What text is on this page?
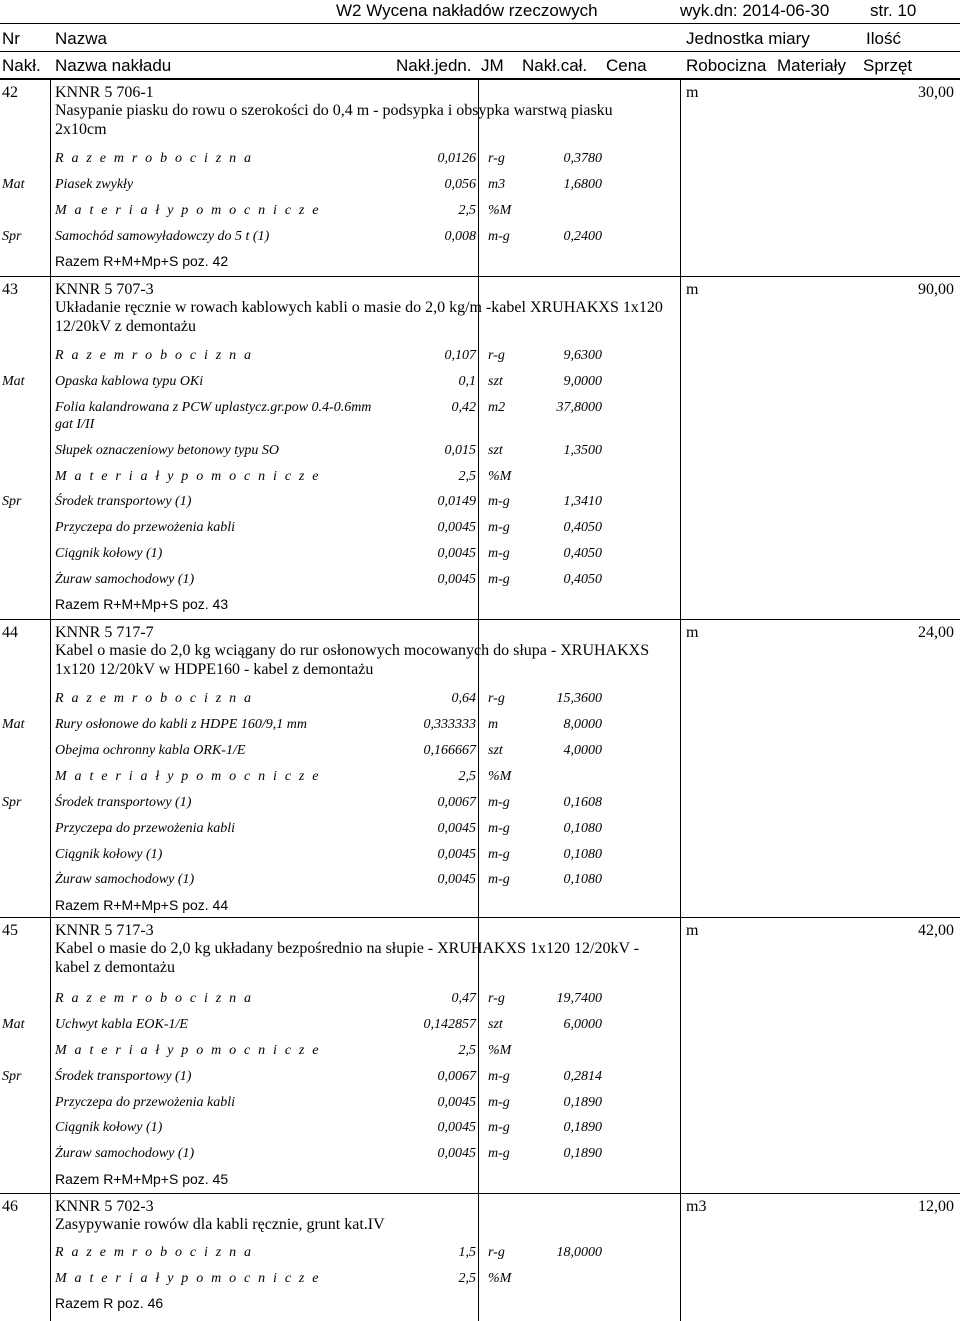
W2 Wycena nakładów rzeczowych	wyk.dn: 2014-06-30 str. 10
Nr Nazwa	Jednostka miary	Ilość
Nakł. Nazwa nakładu	Nakł.jedn. JM Nakł.cał. Cena Robocizna Materiały Sprzęt
42 KNNR 5 706-1
Nasypanie piasku do rowu o szerokości do 0,4 m - podsypka i obsypka warstwą piasku
2x10cm
m	30,00
R a z e m r o b o c i z n a	0,0126 r-g	0,3780
Mat Piasek zwykły	0,056 m3	1,6800
M a t e r i a ł y p o m o c n i c z e	2,5 %M
Spr Samochód samowyładowczy do 5 t (1)	0,008 m-g	0,2400
Razem R+M+Mp+S poz. 42
43 KNNR 5 707-3
Układanie ręcznie w rowach kablowych kabli o masie do 2,0 kg/m -kabel XRUHAKXS 1x120
12/20kV z demontażu
m	90,00
R a z e m r o b o c i z n a	0,107 r-g	9,6300
Mat Opaska kablowa typu OKi	0,1 szt	9,0000
Folia kalandrowana z PCW uplastycz.gr.pow 0.4-0.6mm
gat I/II
0,42 m2	37,8000
Słupek oznaczeniowy betonowy typu SO	0,015 szt	1,3500
M a t e r i a ł y p o m o c n i c z e	2,5 %M
Spr Środek transportowy (1)	0,0149 m-g	1,3410
Przyczepa do przewożenia kabli	0,0045 m-g	0,4050
Ciągnik kołowy (1)	0,0045 m-g	0,4050
Żuraw samochodowy (1)	0,0045 m-g	0,4050
Razem R+M+Mp+S poz. 43
44 KNNR 5 717-7
Kabel o masie do 2,0 kg wciągany do rur osłonowych mocowanych do słupa - XRUHAKXS
1x120 12/20kV w HDPE160 - kabel z demontażu
m	24,00
R a z e m r o b o c i z n a	0,64 r-g	15,3600
Mat Rury osłonowe do kabli z HDPE 160/9,1 mm	0,333333 m	8,0000
Obejma ochronny kabla ORK-1/E	0,166667 szt	4,0000
M a t e r i a ł y p o m o c n i c z e	2,5 %M
Spr Środek transportowy (1)	0,0067 m-g	0,1608
Przyczepa do przewożenia kabli	0,0045 m-g	0,1080
Ciągnik kołowy (1)	0,0045 m-g	0,1080
Żuraw samochodowy (1)	0,0045 m-g	0,1080
Razem R+M+Mp+S poz. 44
45 KNNR 5 717-3
Kabel o masie do 2,0 kg układany bezpośrednio na słupie - XRUHAKXS 1x120 12/20kV -
kabel z demontażu
m	42,00
R a z e m r o b o c i z n a	0,47 r-g	19,7400
Mat Uchwyt kabla EOK-1/E	0,142857 szt	6,0000
M a t e r i a ł y p o m o c n i c z e	2,5 %M
Spr Środek transportowy (1)	0,0067 m-g	0,2814
Przyczepa do przewożenia kabli	0,0045 m-g	0,1890
Ciągnik kołowy (1)	0,0045 m-g	0,1890
Żuraw samochodowy (1)	0,0045 m-g	0,1890
Razem R+M+Mp+S poz. 45
46 KNNR 5 702-3
Zasypywanie rowów dla kabli ręcznie, grunt kat.IV
m3	12,00
R a z e m r o b o c i z n a	1,5 r-g	18,0000
M a t e r i a ł y p o m o c n i c z e	2,5 %M
Razem R poz. 46
